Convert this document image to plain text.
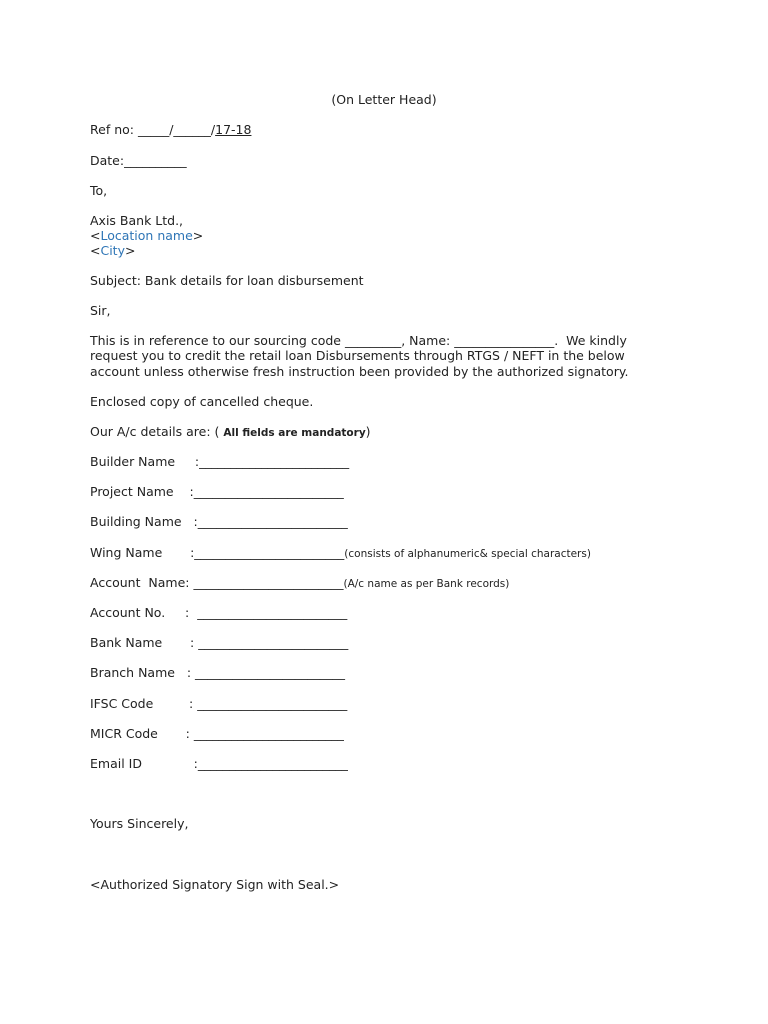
(On Letter Head)
Ref no: _____/______/17-18
Date:__________
To,
Axis Bank Ltd.,
<Location name>
<City>
Subject: Bank details for loan disbursement
Sir,
This is in reference to our sourcing code _________, Name: ________________.  We kindly
request you to credit the retail loan Disbursements through RTGS / NEFT in the below
account unless otherwise fresh instruction been provided by the authorized signatory.
Enclosed copy of cancelled cheque.
Our A/c details are: ( All fields are mandatory)
Builder Name     :________________________
Project Name    :________________________
Building Name   :________________________
Wing Name       :________________________(consists of alphanumeric& special characters)
Account  Name: ________________________(A/c name as per Bank records)
Account No.     :  ________________________
Bank Name       : ________________________
Branch Name   : ________________________
IFSC Code         : ________________________
MICR Code       : ________________________
Email ID             :________________________
Yours Sincerely,
<Authorized Signatory Sign with Seal.>
